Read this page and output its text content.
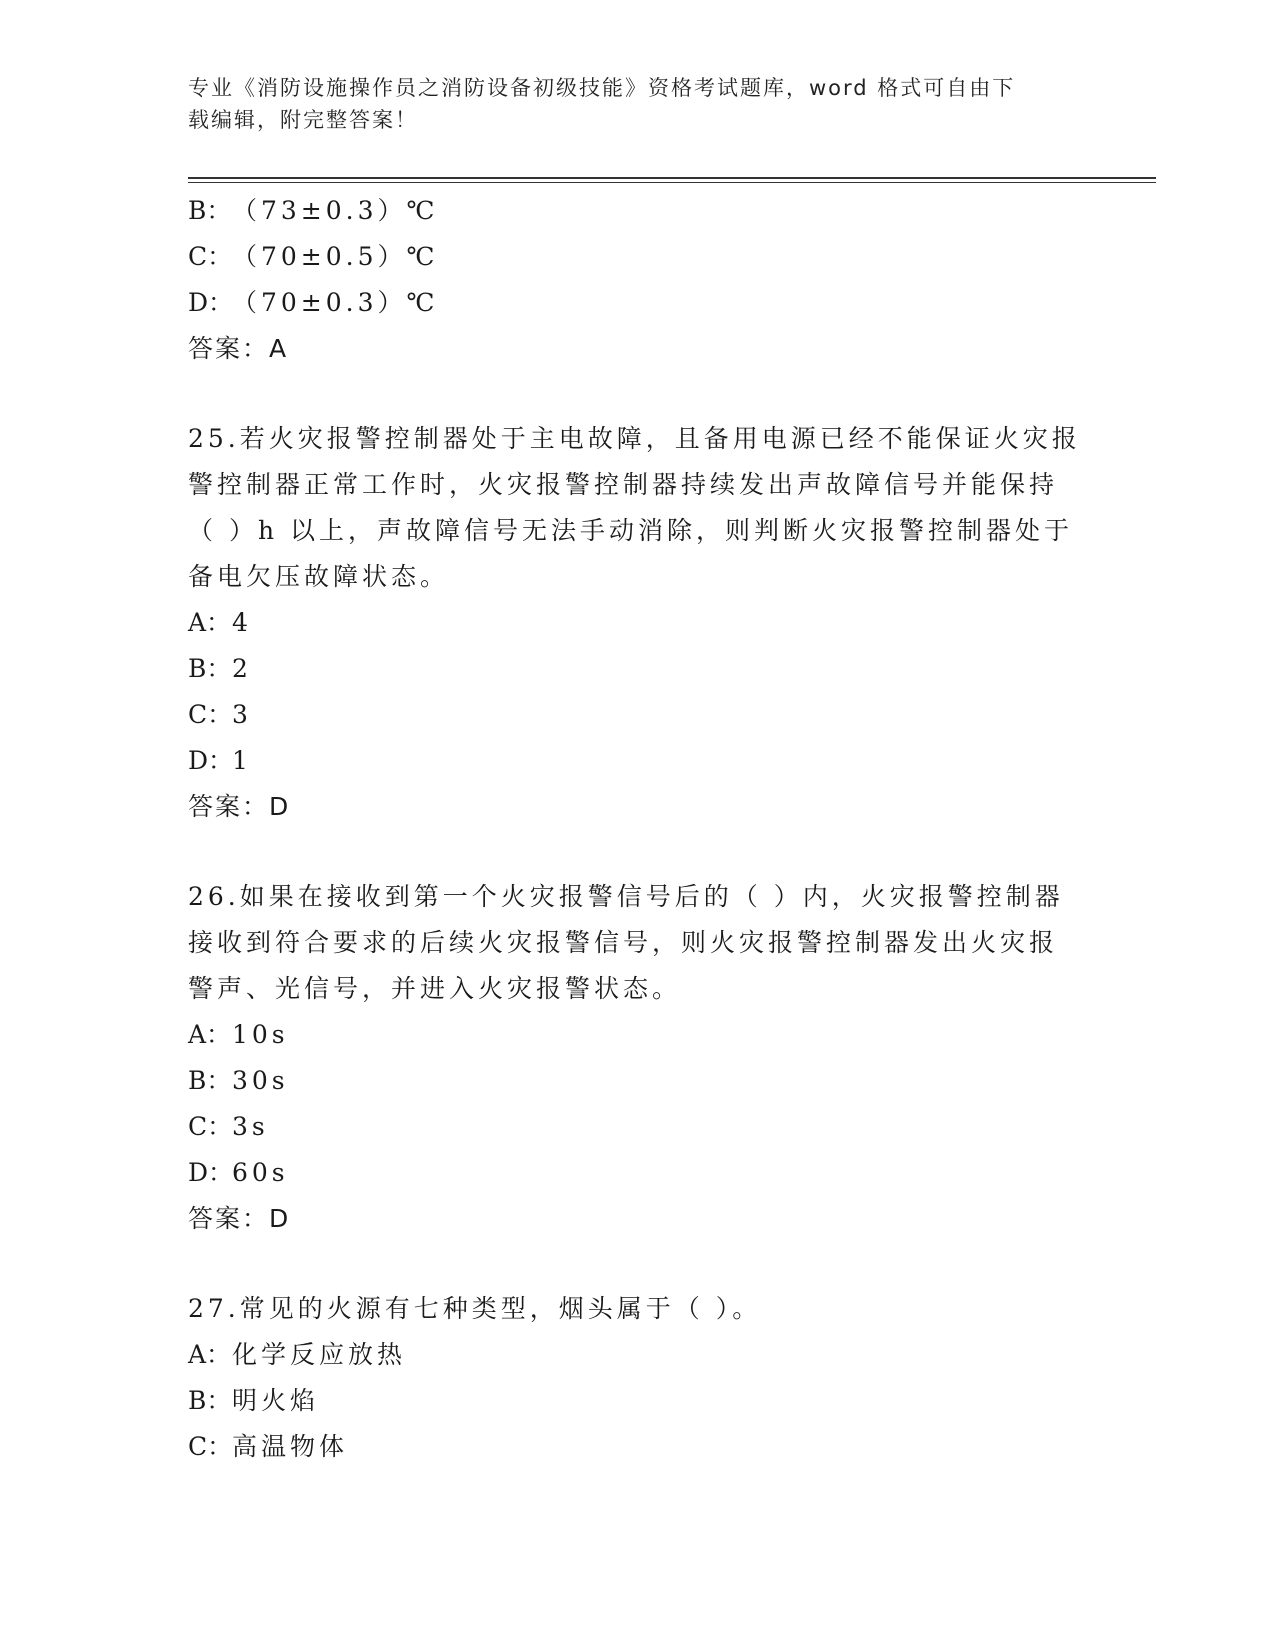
专业《消防设施操作员之消防设备初级技能》资格考试题库，word 格式可自由下
载编辑，附完整答案！
B：（73±0.3）℃
C：（70±0.5）℃
D：（70±0.3）℃
答案：A
25.若火灾报警控制器处于主电故障，且备用电源已经不能保证火灾报
警控制器正常工作时，火灾报警控制器持续发出声故障信号并能保持
（ ）h 以上，声故障信号无法手动消除，则判断火灾报警控制器处于
备电欠压故障状态。
A：4
B：2
C：3
D：1
答案：D
26.如果在接收到第一个火灾报警信号后的（ ）内，火灾报警控制器
接收到符合要求的后续火灾报警信号，则火灾报警控制器发出火灾报
警声、光信号，并进入火灾报警状态。
A：10s
B：30s
C：3s
D：60s
答案：D
27.常见的火源有七种类型，烟头属于（ ）。
A：化学反应放热
B：明火焰
C：高温物体
